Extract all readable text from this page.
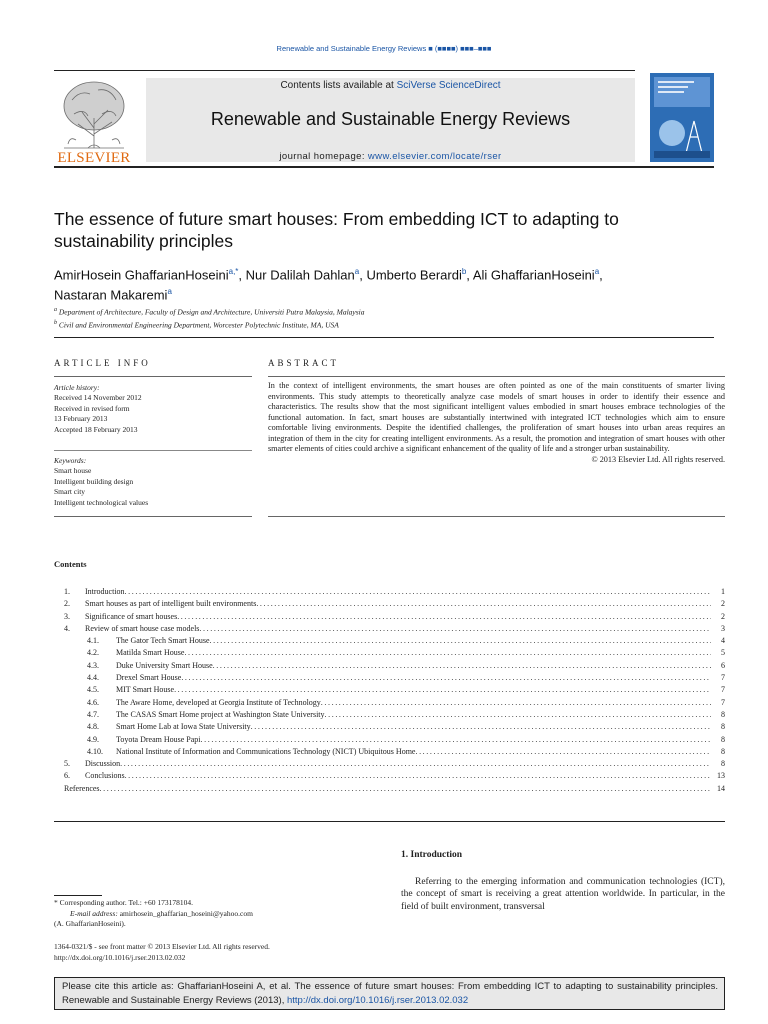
Renewable and Sustainable Energy Reviews ■ (■■■■) ■■■–■■■
ELSEVIER
Contents lists available at SciVerse ScienceDirect
Renewable and Sustainable Energy Reviews
journal homepage: www.elsevier.com/locate/rser
The essence of future smart houses: From embedding ICT to adapting to sustainability principles
AmirHosein GhaffarianHoseini$^{a,*}$, Nur Dalilah Dahlan$^a$, Umberto Berardi$^b$, Ali GhaffarianHoseini$^a$,
Nastaran Makaremi$^a$
$^a$ Department of Architecture, Faculty of Design and Architecture, Universiti Putra Malaysia, Malaysia
$^b$ Civil and Environmental Engineering Department, Worcester Polytechnic Institute, MA, USA
ARTICLE INFO	ABSTRACT
Article history:
Received 14 November 2012
Received in revised form
13 February 2013
Accepted 18 February 2013
Keywords:
Smart house
Intelligent building design
Smart city
Intelligent technological values
In the context of intelligent environments, the smart houses are often pointed as one of the main constituents of smarter living environments. This study attempts to theoretically analyze case models of smart houses in order to identify their essence and characteristics. The results show that the most significant intelligent values embodied in smart houses embrace technologies of the functional automation. In fact, smart houses are substantially intertwined with integrated ICT technologies which aim to ensure comfortable living environments. Despite the identified challenges, the proliferation of smart houses into urban areas requires an integration of them in the city for creating intelligent environments. As a result, the promotion and integration of smart houses with other smarter elements of cities could archive a significant enhancement of the quality of life and a stronger urban sustainability.
© 2013 Elsevier Ltd. All rights reserved.
Contents
1.	Introduction .....	1
2.	Smart houses as part of intelligent built environments .....	2
3.	Significance of smart houses .....	2
4.	Review of smart house case models .....	3
4.1.	The Gator Tech Smart House .....	4
4.2.	Matilda Smart House .....	5
4.3.	Duke University Smart House .....	6
4.4.	Drexel Smart House .....	7
4.5.	MIT Smart House .....	7
4.6.	The Aware Home, developed at Georgia Institute of Technology .....	7
4.7.	The CASAS Smart Home project at Washington State University .....	8
4.8.	Smart Home Lab at Iowa State University .....	8
4.9.	Toyota Dream House Papi .....	8
4.10.	National Institute of Information and Communications Technology (NICT) Ubiquitous Home .....	8
5.	Discussion .....	8
6.	Conclusions .....	13
References .....	14
1. Introduction
Referring to the emerging information and communication technologies (ICT), the concept of smart is receiving a great attention worldwide. In particular, in the field of built environment, transversal
* Corresponding author. Tel.: +60 173178104.
E-mail address: amirhosein_ghaffarian_hoseini@yahoo.com
(A. GhaffarianHoseini).
1364-0321/$ - see front matter © 2013 Elsevier Ltd. All rights reserved.
http://dx.doi.org/10.1016/j.rser.2013.02.032
Please cite this article as: GhaffarianHoseini A, et al. The essence of future smart houses: From embedding ICT to adapting to sustainability principles. Renewable and Sustainable Energy Reviews (2013), http://dx.doi.org/10.1016/j.rser.2013.02.032
